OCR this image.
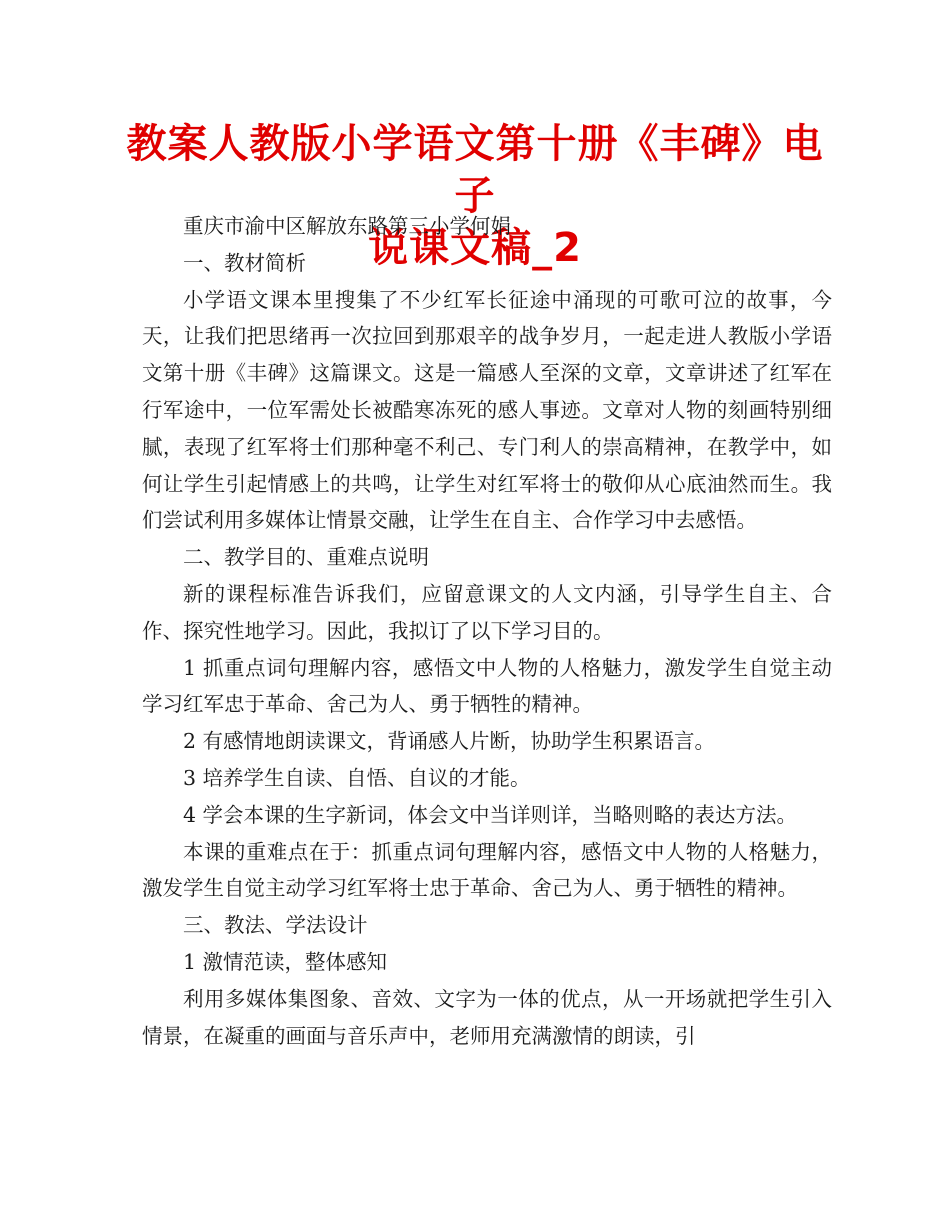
教案人教版小学语文第十册《丰碑》电子
说课文稿_2

重庆市渝中区解放东路第三小学何娟

一、教材简析

小学语文课本里搜集了不少红军长征途中涌现的可歌可泣的故事，今天，让我们把思绪再一次拉回到那艰辛的战争岁月，一起走进人教版小学语文第十册《丰碑》这篇课文。这是一篇感人至深的文章，文章讲述了红军在行军途中，一位军需处长被酷寒冻死的感人事迹。文章对人物的刻画特别细腻，表现了红军将士们那种毫不利己、专门利人的崇高精神，在教学中，如何让学生引起情感上的共鸣，让学生对红军将士的敬仰从心底油然而生。我们尝试利用多媒体让情景交融，让学生在自主、合作学习中去感悟。

二、教学目的、重难点说明

新的课程标准告诉我们，应留意课文的人文内涵，引导学生自主、合作、探究性地学习。因此，我拟订了以下学习目的。

1 抓重点词句理解内容，感悟文中人物的人格魅力，激发学生自觉主动学习红军忠于革命、舍己为人、勇于牺牲的精神。

2 有感情地朗读课文，背诵感人片断，协助学生积累语言。

3 培养学生自读、自悟、自议的才能。

4 学会本课的生字新词，体会文中当详则详，当略则略的表达方法。

本课的重难点在于：抓重点词句理解内容，感悟文中人物的人格魅力，激发学生自觉主动学习红军将士忠于革命、舍己为人、勇于牺牲的精神。

三、教法、学法设计

1 激情范读，整体感知

利用多媒体集图象、音效、文字为一体的优点，从一开场就把学生引入情景，在凝重的画面与音乐声中，老师用充满激情的朗读，引
